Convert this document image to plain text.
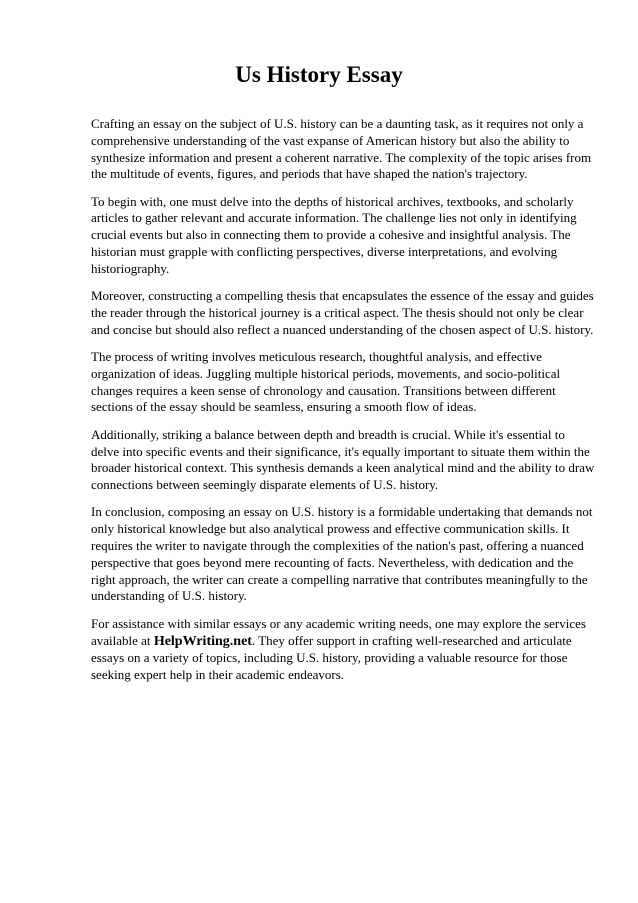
Us History Essay

Crafting an essay on the subject of U.S. history can be a daunting task, as it requires not only a comprehensive understanding of the vast expanse of American history but also the ability to synthesize information and present a coherent narrative. The complexity of the topic arises from the multitude of events, figures, and periods that have shaped the nation's trajectory.

To begin with, one must delve into the depths of historical archives, textbooks, and scholarly articles to gather relevant and accurate information. The challenge lies not only in identifying crucial events but also in connecting them to provide a cohesive and insightful analysis. The historian must grapple with conflicting perspectives, diverse interpretations, and evolving historiography.

Moreover, constructing a compelling thesis that encapsulates the essence of the essay and guides the reader through the historical journey is a critical aspect. The thesis should not only be clear and concise but should also reflect a nuanced understanding of the chosen aspect of U.S. history.

The process of writing involves meticulous research, thoughtful analysis, and effective organization of ideas. Juggling multiple historical periods, movements, and socio-political changes requires a keen sense of chronology and causation. Transitions between different sections of the essay should be seamless, ensuring a smooth flow of ideas.

Additionally, striking a balance between depth and breadth is crucial. While it's essential to delve into specific events and their significance, it's equally important to situate them within the broader historical context. This synthesis demands a keen analytical mind and the ability to draw connections between seemingly disparate elements of U.S. history.

In conclusion, composing an essay on U.S. history is a formidable undertaking that demands not only historical knowledge but also analytical prowess and effective communication skills. It requires the writer to navigate through the complexities of the nation's past, offering a nuanced perspective that goes beyond mere recounting of facts. Nevertheless, with dedication and the right approach, the writer can create a compelling narrative that contributes meaningfully to the understanding of U.S. history.

For assistance with similar essays or any academic writing needs, one may explore the services available at HelpWriting.net. They offer support in crafting well-researched and articulate essays on a variety of topics, including U.S. history, providing a valuable resource for those seeking expert help in their academic endeavors.
